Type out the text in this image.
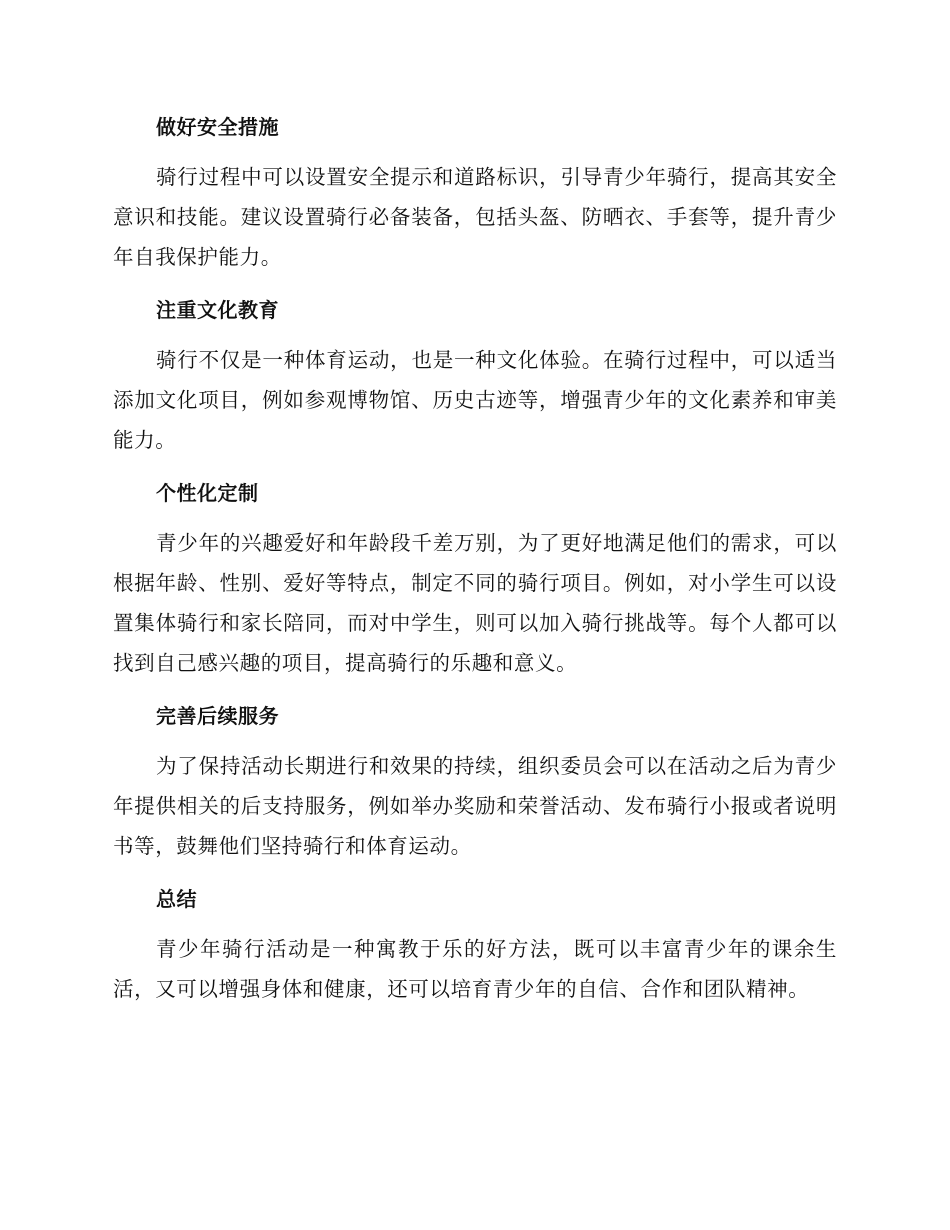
做好安全措施

骑行过程中可以设置安全提示和道路标识，引导青少年骑行，提高其安全意识和技能。建议设置骑行必备装备，包括头盔、防晒衣、手套等，提升青少年自我保护能力。

注重文化教育

骑行不仅是一种体育运动，也是一种文化体验。在骑行过程中，可以适当添加文化项目，例如参观博物馆、历史古迹等，增强青少年的文化素养和审美能力。

个性化定制

青少年的兴趣爱好和年龄段千差万别，为了更好地满足他们的需求，可以根据年龄、性别、爱好等特点，制定不同的骑行项目。例如，对小学生可以设置集体骑行和家长陪同，而对中学生，则可以加入骑行挑战等。每个人都可以找到自己感兴趣的项目，提高骑行的乐趣和意义。

完善后续服务

为了保持活动长期进行和效果的持续，组织委员会可以在活动之后为青少年提供相关的后支持服务，例如举办奖励和荣誉活动、发布骑行小报或者说明书等，鼓舞他们坚持骑行和体育运动。

总结

青少年骑行活动是一种寓教于乐的好方法，既可以丰富青少年的课余生活，又可以增强身体和健康，还可以培育青少年的自信、合作和团队精神。
